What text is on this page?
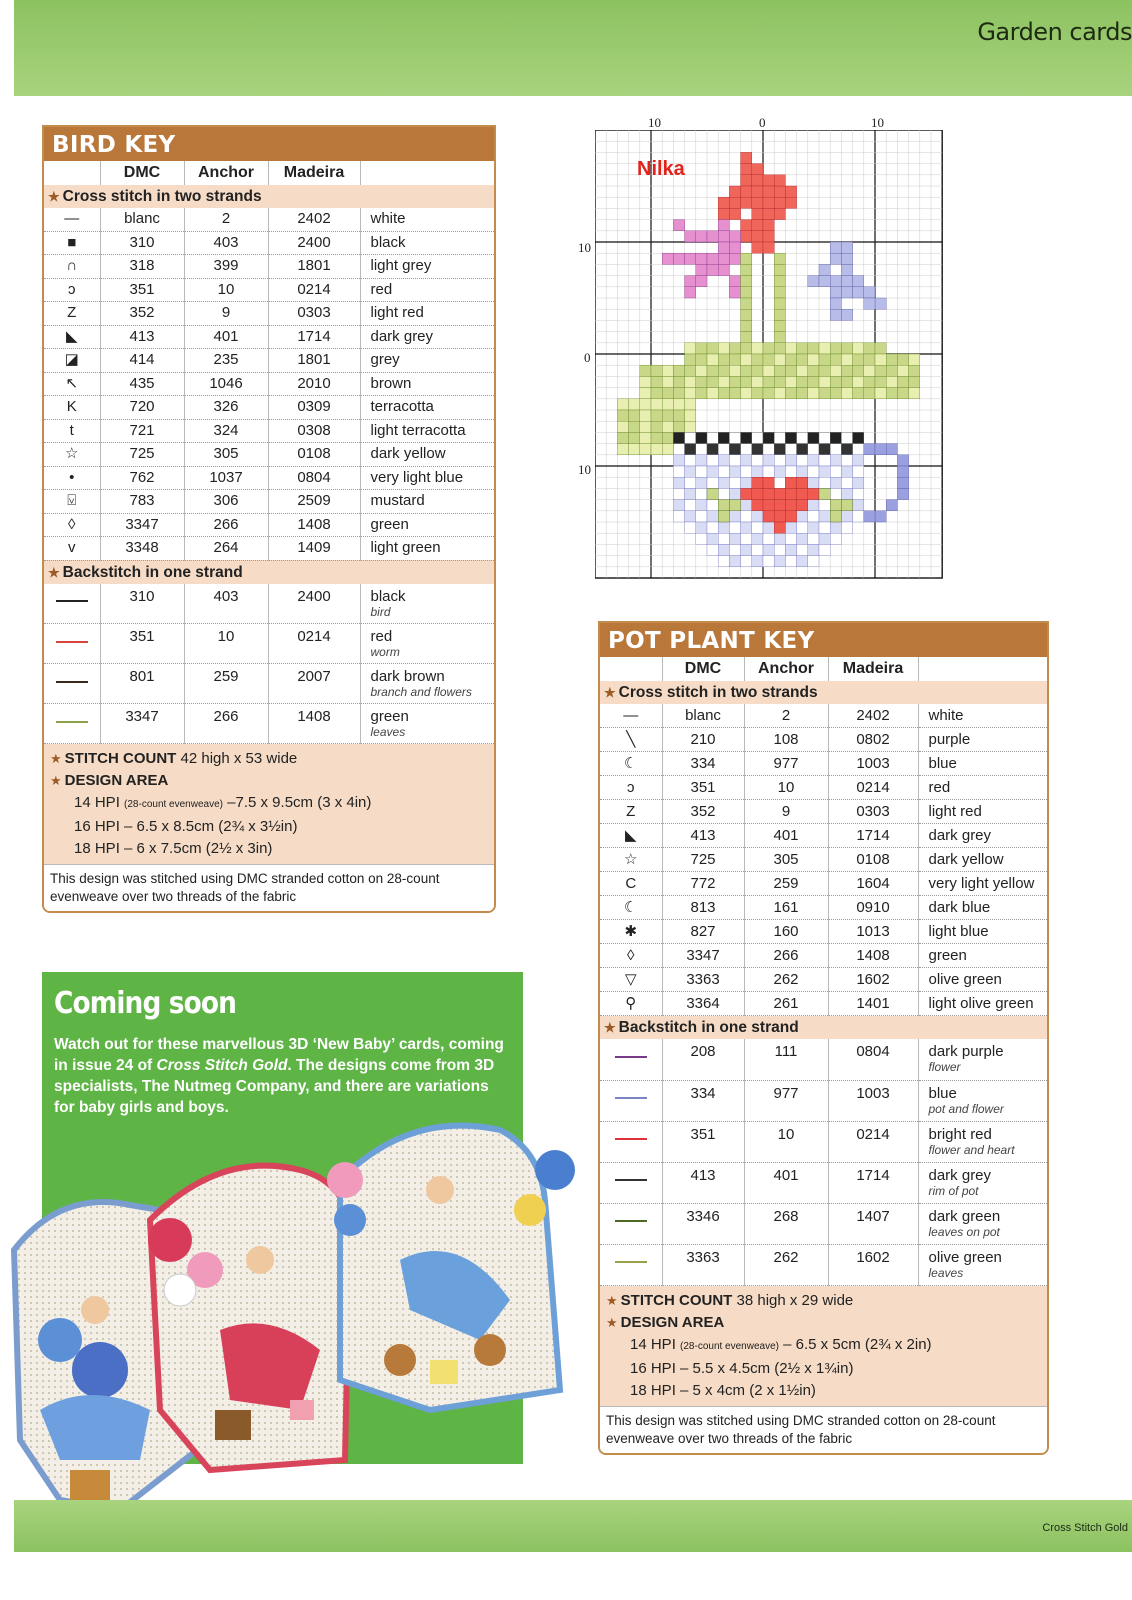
Garden cards
BIRD KEY
	DMC	Anchor	Madeira	
★ Cross stitch in two strands				
—	blanc	2	2402	white
■	310	403	2400	black
∩	318	399	1801	light grey
ↄ	351	10	0214	red
Z	352	9	0303	light red
◣	413	401	1714	dark grey
◪	414	235	1801	grey
↖	435	1046	2010	brown
K	720	326	0309	terracotta
t	721	324	0308	light terracotta
☆	725	305	0108	dark yellow
•	762	1037	0804	very light blue
⍌	783	306	2509	mustard
◊	3347	266	1408	green
v	3348	264	1409	light green
★ Backstitch in one strand				
	310	403	2400	black
bird

	351	10	0214	red
worm

	801	259	2007	dark brown
branch and flowers

	3347	266	1408	green
leaves
★ STITCH COUNT 42 high x 53 wide
★ DESIGN AREA
14 HPI (28-count evenweave) –7.5 x 9.5cm (3 x 4in)
16 HPI – 6.5 x 8.5cm (2¾ x 3½in)
18 HPI – 6 x 7.5cm (2½ x 3in)
This design was stitched using DMC stranded cotton on 28-count evenweave over two threads of the fabric
Nilka
10	0	10
10
0
10
POT PLANT KEY
	DMC	Anchor	Madeira	
★ Cross stitch in two strands				
—	blanc	2	2402	white
╲	210	108	0802	purple
☾	334	977	1003	blue
ↄ	351	10	0214	red
Z	352	9	0303	light red
◣	413	401	1714	dark grey
☆	725	305	0108	dark yellow
C	772	259	1604	very light yellow
☾	813	161	0910	dark blue
✱	827	160	1013	light blue
◊	3347	266	1408	green
▽	3363	262	1602	olive green
⚲	3364	261	1401	light olive green
★ Backstitch in one strand				
	208	111	0804	dark purple
flower

	334	977	1003	blue
pot and flower

	351	10	0214	bright red
flower and heart

	413	401	1714	dark grey
rim of pot

	3346	268	1407	dark green
leaves on pot

	3363	262	1602	olive green
leaves
★ STITCH COUNT 38 high x 29 wide
★ DESIGN AREA
14 HPI (28-count evenweave) – 6.5 x 5cm (2¾ x 2in)
16 HPI – 5.5 x 4.5cm (2½ x 1¾in)
18 HPI – 5 x 4cm (2 x 1½in)
This design was stitched using DMC stranded cotton on 28-count evenweave over two threads of the fabric
Coming soon

Watch out for these marvellous 3D ‘New Baby’ cards, coming in issue 24 of Cross Stitch Gold. The designs come from 3D specialists, The Nutmeg Company, and there are variations for baby girls and boys.

Cross Stitch Gold
